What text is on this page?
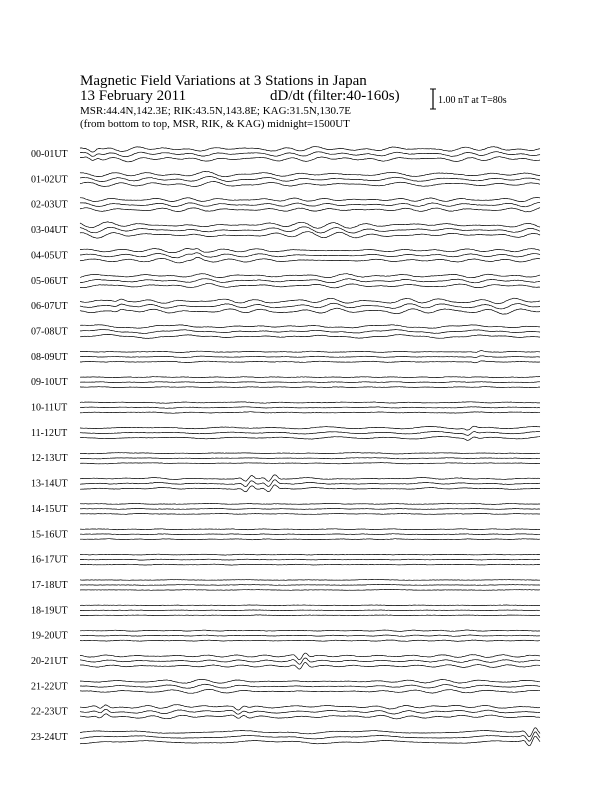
Magnetic Field Variations at 3 Stations in Japan
13 February 2011	dD/dt (filter:40-160s)
MSR:44.4N,142.3E; RIK:43.5N,143.8E; KAG:31.5N,130.7E
(from bottom to top, MSR, RIK, & KAG) midnight=1500UT
1.00 nT at T=80s
00-01UT
01-02UT
02-03UT
03-04UT
04-05UT
05-06UT
06-07UT
07-08UT
08-09UT
09-10UT
10-11UT
11-12UT
12-13UT
13-14UT
14-15UT
15-16UT
16-17UT
17-18UT
18-19UT
19-20UT
20-21UT
21-22UT
22-23UT
23-24UT
